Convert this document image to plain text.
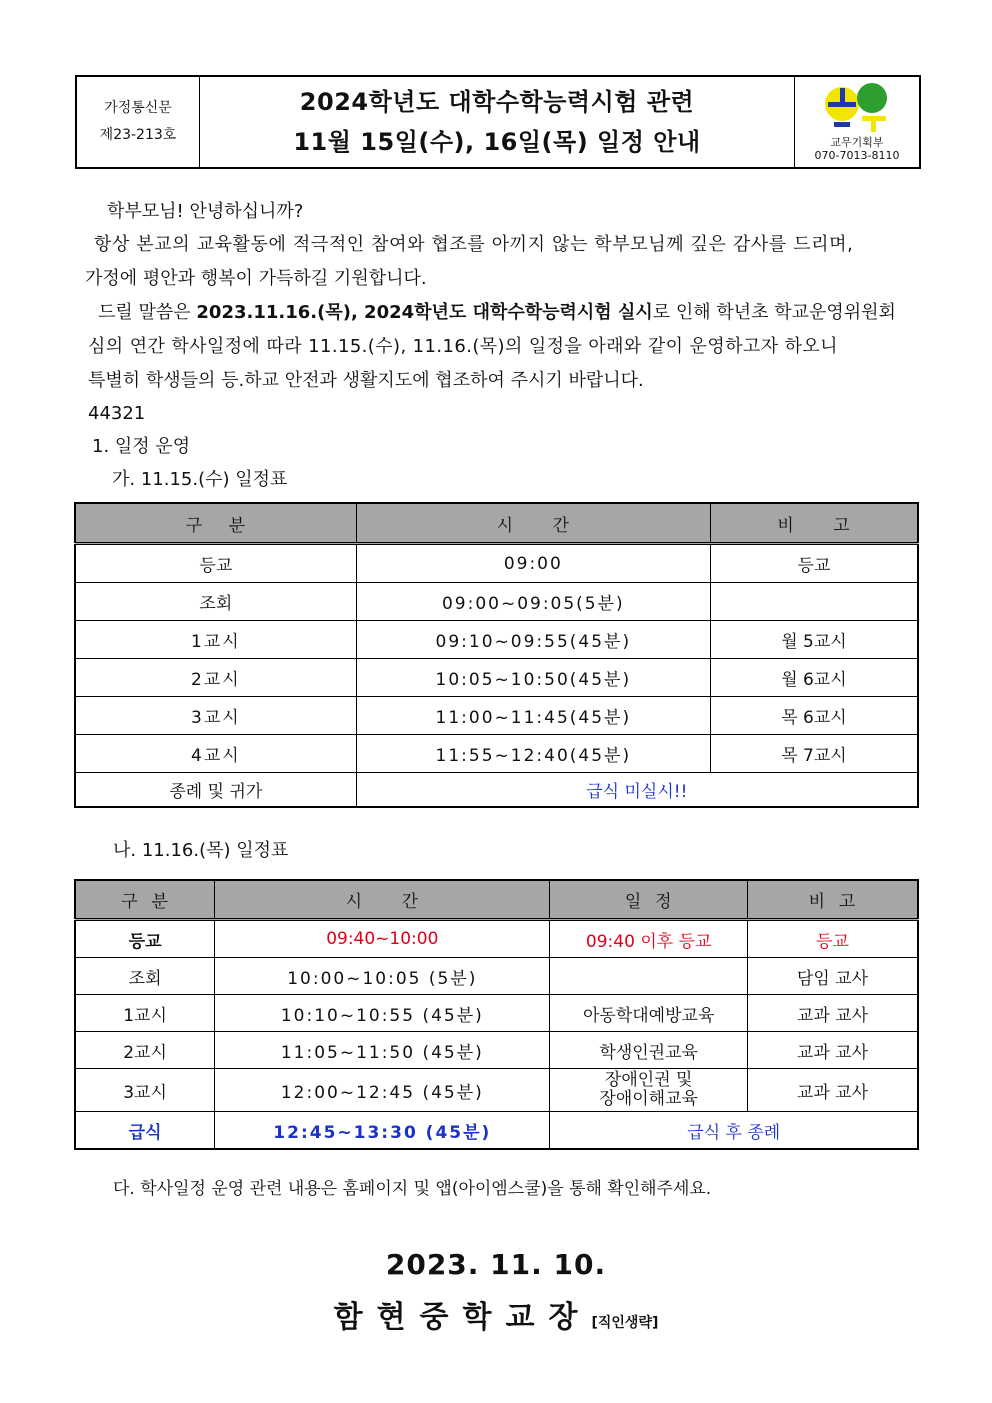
가정통신문
제23-213호
2024학년도 대학수학능력시험 관련
11월 15일(수), 16일(목) 일정 안내	교무기획부
070-7013-8110
학부모님! 안녕하십니까?
항상 본교의 교육활동에 적극적인 참여와 협조를 아끼지 않는 학부모님께 깊은 감사를 드리며,
가정에 평안과 행복이 가득하길 기원합니다.
드릴 말씀은 2023.11.16.(목), 2024학년도 대학수학능력시험 실시로 인해 학년초 학교운영위원회
심의 연간 학사일정에 따라 11.15.(수), 11.16.(목)의 일정을 아래와 같이 운영하고자 하오니
특별히 학생들의 등.하교 안전과 생활지도에 협조하여 주시기 바랍니다.
44321
1. 일정 운영
가. 11.15.(수) 일정표
구    분	시      간	비      고
등교	09:00	등교
조회	09:00~09:05(5분)	
1교시	09:10~09:55(45분)	월 5교시
2교시	10:05~10:50(45분)	월 6교시
3교시	11:00~11:45(45분)	목 6교시
4교시	11:55~12:40(45분)	목 7교시
종례 및 귀가	급식 미실시!!	
나. 11.16.(목) 일정표
구  분	시      간	일  정	비  고
등교	09:40~10:00	09:40 이후 등교	등교
조회	10:00~10:05 (5분)		담임 교사
1교시	10:10~10:55 (45분)	아동학대예방교육	교과 교사
2교시	11:05~11:50 (45분)	학생인권교육	교과 교사
3교시	12:00~12:45 (45분)	장애인권 및
장애이해교육	교과 교사
급식	12:45~13:30 (45분)	급식 후 종례	
다. 학사일정 운영 관련 내용은 홈페이지 및 앱(아이엠스쿨)을 통해 확인해주세요.
2023. 11. 10.
함현중학교장[직인생략]
